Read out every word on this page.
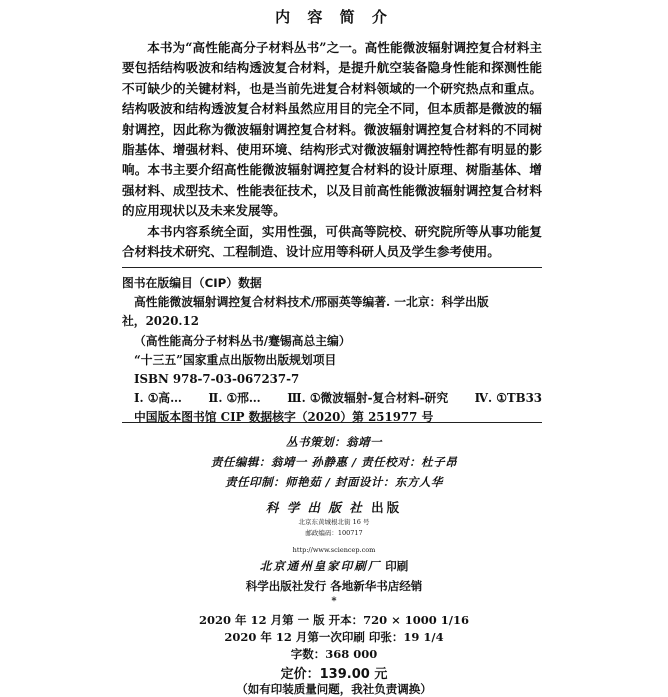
内 容 简 介

本书为“高性能高分子材料丛书”之一。高性能微波辐射调控复合材料主要包括结构吸波和结构透波复合材料，是提升航空装备隐身性能和探测性能不可缺少的关键材料，也是当前先进复合材料领域的一个研究热点和重点。结构吸波和结构透波复合材料虽然应用目的完全不同，但本质都是微波的辐射调控，因此称为微波辐射调控复合材料。微波辐射调控复合材料的不同树脂基体、增强材料、使用环境、结构形式对微波辐射调控特性都有明显的影响。本书主要介绍高性能微波辐射调控复合材料的设计原理、树脂基体、增强材料、成型技术、性能表征技术，以及目前高性能微波辐射调控复合材料的应用现状以及未来发展等。

本书内容系统全面，实用性强，可供高等院校、研究院所等从事功能复合材料技术研究、工程制造、设计应用等科研人员及学生参考使用。

图书在版编目（CIP）数据
高性能微波辐射调控复合材料技术/邢丽英等编著. 一北京：科学出版
社，2020.12
（高性能高分子材料丛书/蹇锡高总主编）
“十三五”国家重点出版物出版规划项目
ISBN 978-7-03-067237-7
Ⅰ. ①高… Ⅱ. ①邢… Ⅲ. ①微波辐射-复合材料-研究 Ⅳ. ①TB33
中国版本图书馆 CIP 数据核字（2020）第 251977 号
丛书策划：翁靖一
责任编辑：翁靖一 孙静惠 / 责任校对：杜子昂
责任印制：师艳茹 / 封面设计：东方人华
科 学 出 版 社 出版
北京东黄城根北街 16 号
邮政编码：100717
http://www.sciencep.com
北京通州皇家印刷厂 印刷
科学出版社发行 各地新华书店经销
*
2020 年 12 月第 一 版 开本：720 × 1000 1/16
2020 年 12 月第一次印刷 印张：19 1/4
字数：368 000
定价：139.00 元
（如有印装质量问题，我社负责调换）
